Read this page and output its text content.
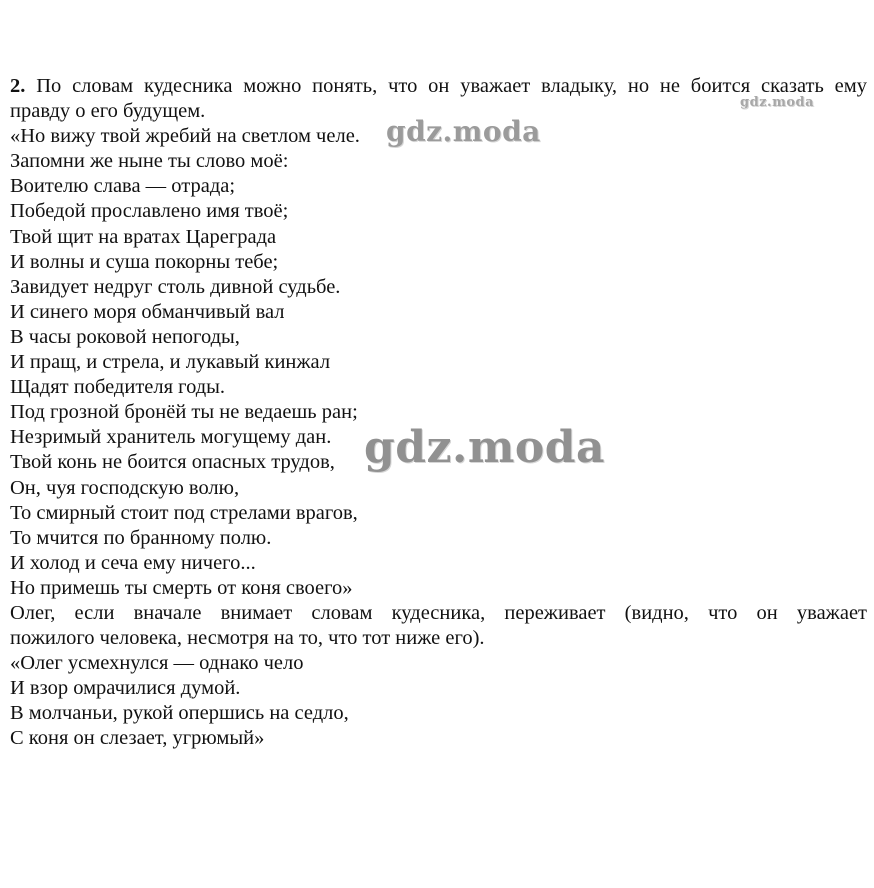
2. По словам кудесника можно понять, что он уважает владыку, но не боится сказать ему
правду о его будущем.
«Но вижу твой жребий на светлом челе.
Запомни же ныне ты слово моё:
Воителю слава — отрада;
Победой прославлено имя твоё;
Твой щит на вратах Цареграда
И волны и суша покорны тебе;
Завидует недруг столь дивной судьбе.
И синего моря обманчивый вал
В часы роковой непогоды,
И пращ, и стрела, и лукавый кинжал
Щадят победителя годы.
Под грозной бронёй ты не ведаешь ран;
Незримый хранитель могущему дан.
Твой конь не боится опасных трудов,
Он, чуя господскую волю,
То смирный стоит под стрелами врагов,
То мчится по бранному полю.
И холод и сеча ему ничего...
Но примешь ты смерть от коня своего»
Олег, если вначале внимает словам кудесника, переживает (видно, что он уважает
пожилого человека, несмотря на то, что тот ниже его).
«Олег усмехнулся — однако чело
И взор омрачилися думой.
В молчаньи, рукой опершись на седло,
С коня он слезает, угрюмый»
gdz.moda
gdz.moda
gdz.moda
